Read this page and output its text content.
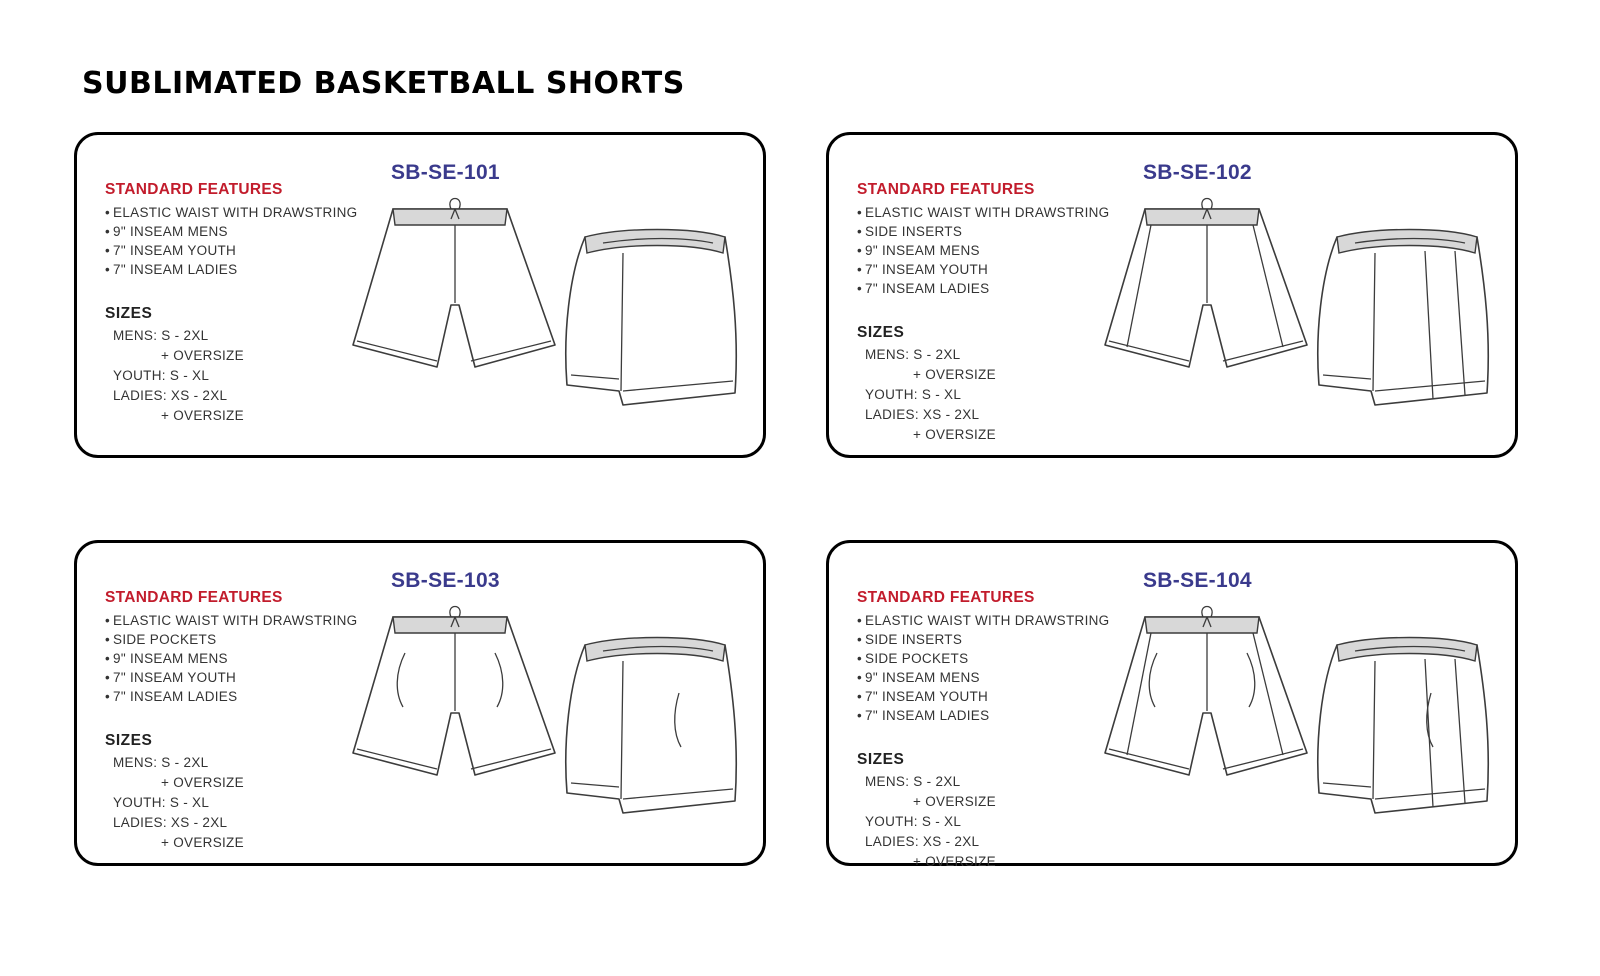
SUBLIMATED BASKETBALL SHORTS
SB-SE-101
STANDARD FEATURES
• ELASTIC WAIST WITH DRAWSTRING
• 9" INSEAM MENS
• 7" INSEAM YOUTH
• 7" INSEAM LADIES
SIZES
MENS: S - 2XL
+ OVERSIZE
YOUTH: S - XL
LADIES: XS - 2XL
+ OVERSIZE
SB-SE-102
STANDARD FEATURES
• ELASTIC WAIST WITH DRAWSTRING
• SIDE INSERTS
• 9" INSEAM MENS
• 7" INSEAM YOUTH
• 7" INSEAM LADIES
SIZES
MENS: S - 2XL
+ OVERSIZE
YOUTH: S - XL
LADIES: XS - 2XL
+ OVERSIZE
SB-SE-103
STANDARD FEATURES
• ELASTIC WAIST WITH DRAWSTRING
• SIDE POCKETS
• 9" INSEAM MENS
• 7" INSEAM YOUTH
• 7" INSEAM LADIES
SIZES
MENS: S - 2XL
+ OVERSIZE
YOUTH: S - XL
LADIES: XS - 2XL
+ OVERSIZE
SB-SE-104
STANDARD FEATURES
• ELASTIC WAIST WITH DRAWSTRING
• SIDE INSERTS
• SIDE POCKETS
• 9" INSEAM MENS
• 7" INSEAM YOUTH
• 7" INSEAM LADIES
SIZES
MENS: S - 2XL
+ OVERSIZE
YOUTH: S - XL
LADIES: XS - 2XL
+ OVERSIZE
